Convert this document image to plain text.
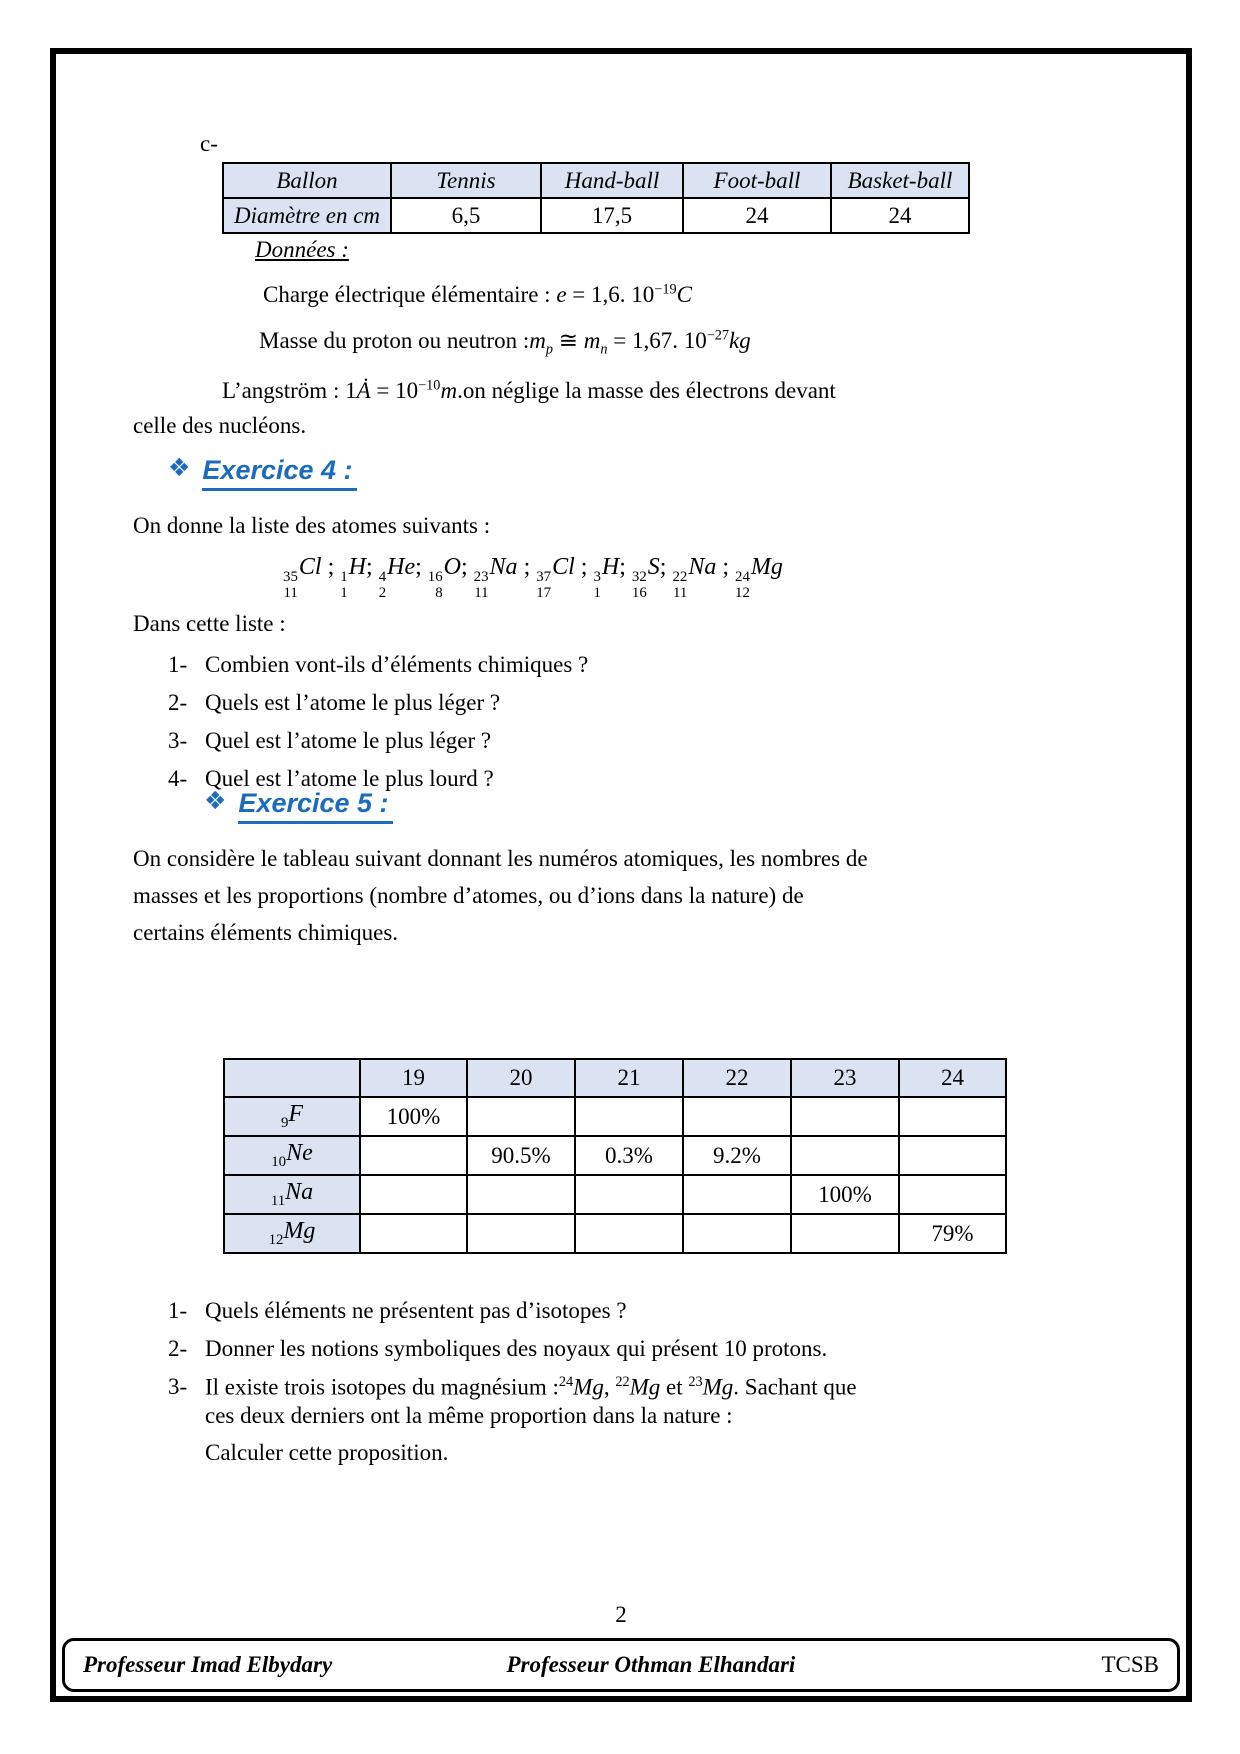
c-
Ballon	Tennis	Hand-ball	Foot-ball	Basket-ball
Diamètre en cm	6,5	17,5	24	24
Données :
Charge électrique élémentaire : e = 1,6. $10^{-19}C$
Masse du proton ou neutron $:m_p$ ≅ $m_n = 1,67$. $10^{-27}kg$
L’angström : 1Ȧ = $10^{-10}m.on$ néglige la masse des électrons devant
celle des nucléons.
❖ Exercice 4 :
On donne la liste des atomes suivants :
35
11
Cl ; 1
1
H; 4
2
He; 16
8
O; 23
11
Na ; 37
17
Cl ; 3
1
H; 32
16
S; 22
11
Na ; 24
12
Mg
Dans cette liste :
1- Combien vont-ils d’éléments chimiques ?
2- Quels est l’atome le plus léger ?
3- Quel est l’atome le plus léger ?
4- Quel est l’atome le plus lourd ?
❖ Exercice 5 :
On considère le tableau suivant donnant les numéros atomiques, les nombres de
masses et les proportions (nombre d’atomes, ou d’ions dans la nature) de
certains éléments chimiques.
	19	20	21	22	23	24
$_9$F	100%					
$_{10}$Ne		90.5%	0.3%	9.2%		
$_{11}$Na					100%	
$_{12}$Mg						79%
1- Quels éléments ne présentent pas d’isotopes ?
2- Donner les notions symboliques des noyaux qui présent 10 protons.
3- Il existe trois isotopes du magnésium :$^{24}$Mg, $^{22}$Mg et $^{23}$Mg. Sachant que
ces deux derniers ont la même proportion dans la nature :
Calculer cette proposition.
2
Professeur Imad Elbydary	Professeur Othman Elhandari	TCSB
